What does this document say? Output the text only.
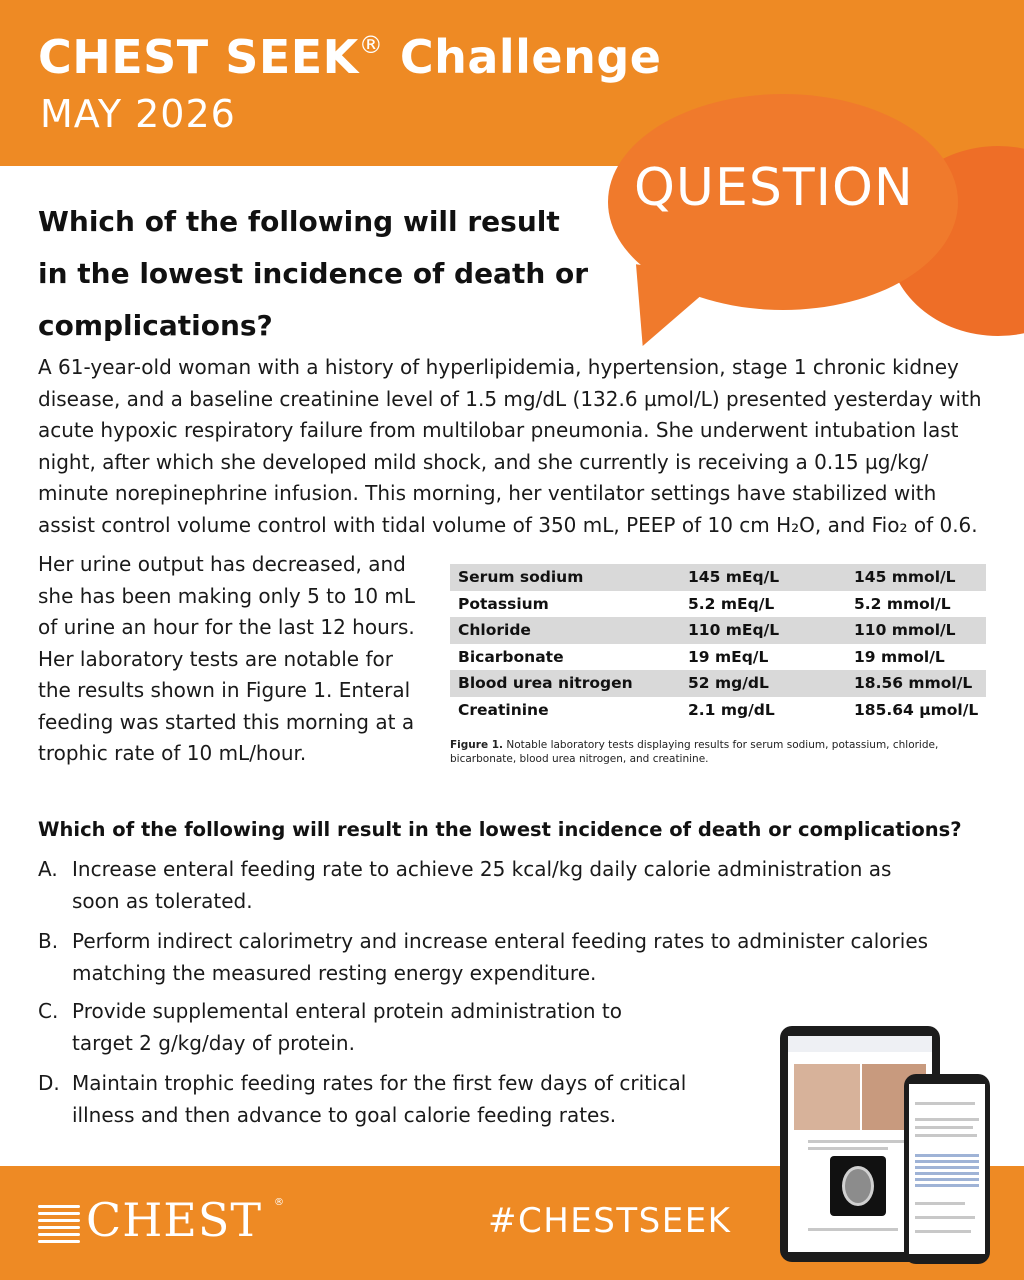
CHEST SEEK® Challenge
MAY 2026
QUESTION
Which of the following will result in the lowest incidence of death or complications?
A 61-year-old woman with a history of hyperlipidemia, hypertension, stage 1 chronic kidney disease, and a baseline creatinine level of 1.5 mg/dL (132.6 µmol/L) presented yesterday with acute hypoxic respiratory failure from multilobar pneumonia. She underwent intubation last night, after which she developed mild shock, and she currently is receiving a 0.15 µg/kg/ minute norepinephrine infusion. This morning, her ventilator settings have stabilized with assist control volume control with tidal volume of 350 mL, PEEP of 10 cm H₂O, and Fio₂ of 0.6.
Her urine output has decreased, and she has been making only 5 to 10 mL of urine an hour for the last 12 hours. Her laboratory tests are notable for the results shown in Figure 1. Enteral feeding was started this morning at a trophic rate of 10 mL/hour.
Serum sodium	145 mEq/L	145 mmol/L
Potassium	5.2 mEq/L	5.2 mmol/L
Chloride	110 mEq/L	110 mmol/L
Bicarbonate	19 mEq/L	19 mmol/L
Blood urea nitrogen	52 mg/dL	18.56 mmol/L
Creatinine	2.1 mg/dL	185.64 µmol/L
Figure 1. Notable laboratory tests displaying results for serum sodium, potassium, chloride, bicarbonate, blood urea nitrogen, and creatinine.
Which of the following will result in the lowest incidence of death or complications?
A. Increase enteral feeding rate to achieve 25 kcal/kg daily calorie administration as soon as tolerated.
B. Perform indirect calorimetry and increase enteral feeding rates to administer calories matching the measured resting energy expenditure.
C. Provide supplemental enteral protein administration to target 2 g/kg/day of protein.
D. Maintain trophic feeding rates for the first few days of critical illness and then advance to goal calorie feeding rates.
CHEST ®	#CHESTSEEK
